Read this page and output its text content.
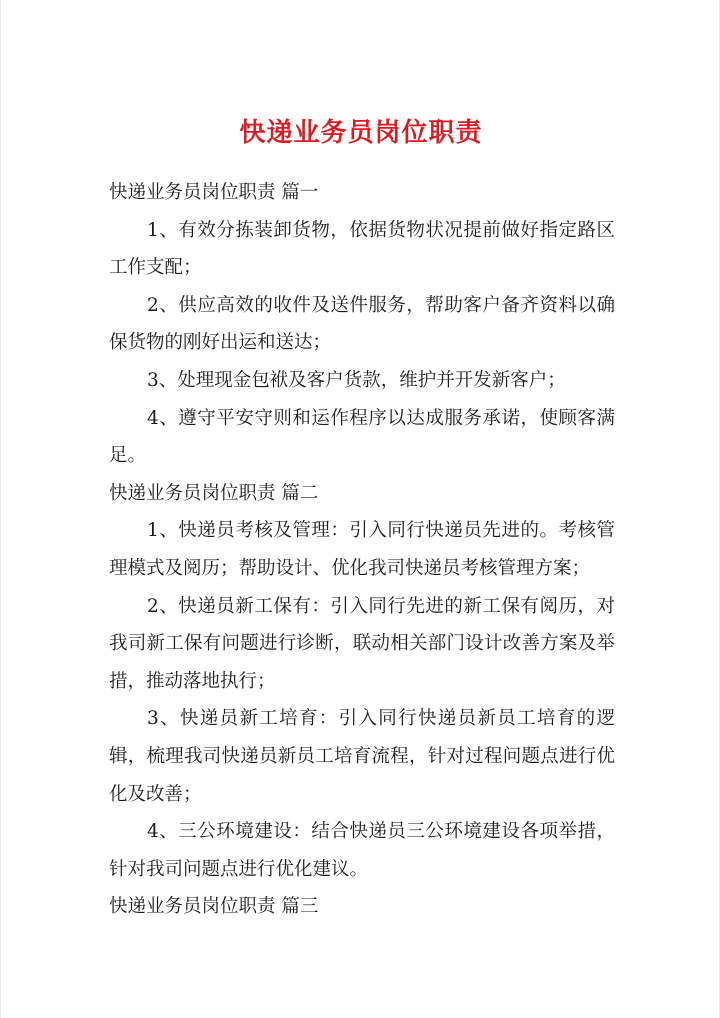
快递业务员岗位职责

快递业务员岗位职责 篇一

1、有效分拣装卸货物，依据货物状况提前做好指定路区工作支配；

2、供应高效的收件及送件服务，帮助客户备齐资料以确保货物的刚好出运和送达；

3、处理现金包袱及客户货款，维护并开发新客户；

4、遵守平安守则和运作程序以达成服务承诺，使顾客满足。

快递业务员岗位职责 篇二

1、快递员考核及管理：引入同行快递员先进的。考核管理模式及阅历；帮助设计、优化我司快递员考核管理方案；

2、快递员新工保有：引入同行先进的新工保有阅历，对我司新工保有问题进行诊断，联动相关部门设计改善方案及举措，推动落地执行；

3、快递员新工培育：引入同行快递员新员工培育的逻辑，梳理我司快递员新员工培育流程，针对过程问题点进行优化及改善；

4、三公环境建设：结合快递员三公环境建设各项举措，针对我司问题点进行优化建议。

快递业务员岗位职责 篇三
